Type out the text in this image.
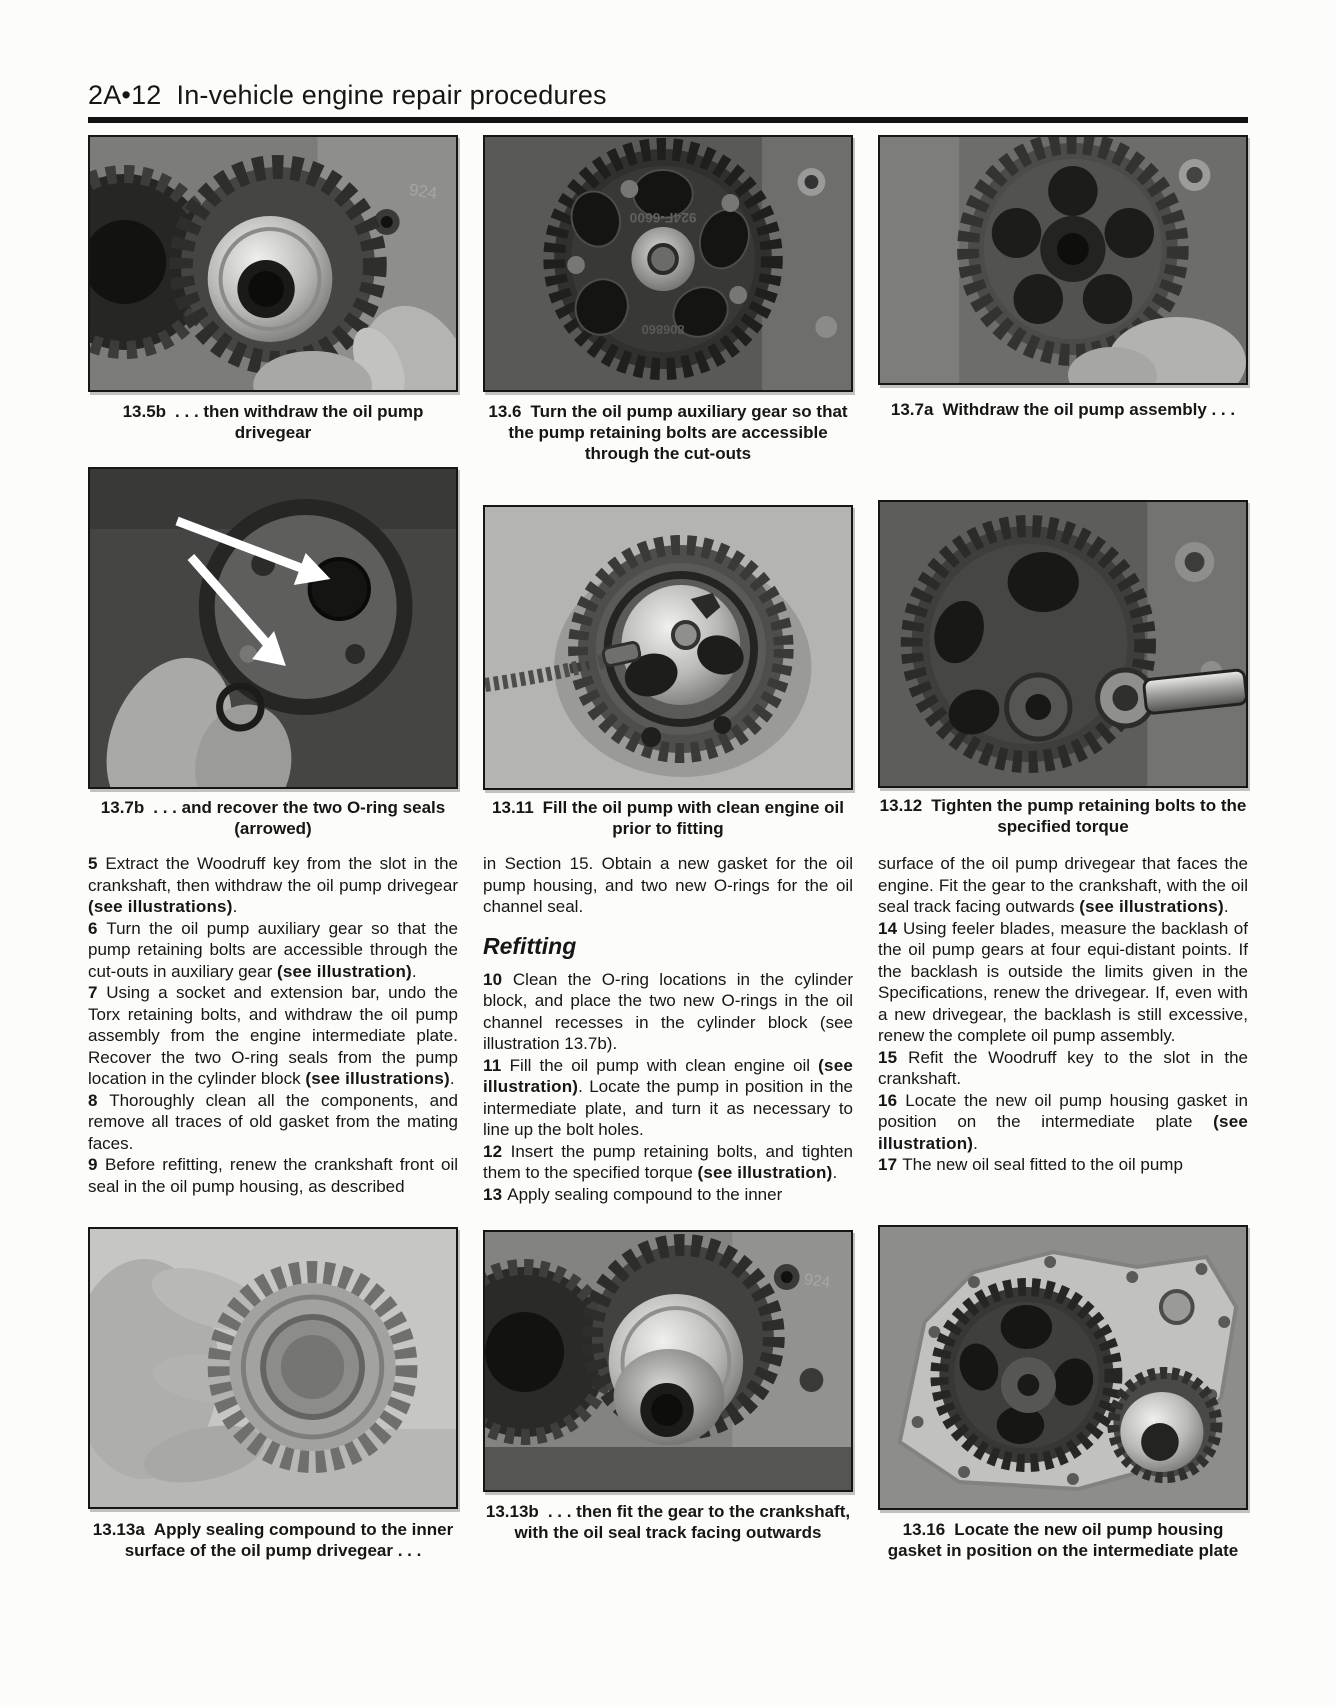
2A•12 In-vehicle engine repair procedures
924
924F-6600
806860
13.5b . . . then withdraw the oil pump drivegear
13.6 Turn the oil pump auxiliary gear so that the pump retaining bolts are accessible through the cut-outs
13.7a Withdraw the oil pump assembly . . .
13.7b . . . and recover the two O-ring seals (arrowed)
13.11 Fill the oil pump with clean engine oil prior to fitting
13.12 Tighten the pump retaining bolts to the specified torque

5 Extract the Woodruff key from the slot in the crankshaft, then withdraw the oil pump drivegear (see illustrations).

6 Turn the oil pump auxiliary gear so that the pump retaining bolts are accessible through the cut-outs in auxiliary gear (see illustration).

7 Using a socket and extension bar, undo the Torx retaining bolts, and withdraw the oil pump assembly from the engine intermediate plate. Recover the two O-ring seals from the pump location in the cylinder block (see illustrations).

8 Thoroughly clean all the components, and remove all traces of old gasket from the mating faces.

9 Before refitting, renew the crankshaft front oil seal in the oil pump housing, as described

in Section 15. Obtain a new gasket for the oil pump housing, and two new O-rings for the oil channel seal.

Refitting

10 Clean the O-ring locations in the cylinder block, and place the two new O-rings in the oil channel recesses in the cylinder block (see illustration 13.7b).

11 Fill the oil pump with clean engine oil (see illustration). Locate the pump in position in the intermediate plate, and turn it as necessary to line up the bolt holes.

12 Insert the pump retaining bolts, and tighten them to the specified torque (see illustration).

13 Apply sealing compound to the inner

surface of the oil pump drivegear that faces the engine. Fit the gear to the crankshaft, with the oil seal track facing outwards (see illustrations).

14 Using feeler blades, measure the backlash of the oil pump gears at four equi-distant points. If the backlash is outside the limits given in the Specifications, renew the drivegear. If, even with a new drivegear, the backlash is still excessive, renew the complete oil pump assembly.

15 Refit the Woodruff key to the slot in the crankshaft.

16 Locate the new oil pump housing gasket in position on the intermediate plate (see illustration).

17 The new oil seal fitted to the oil pump

924
13.13a Apply sealing compound to the inner surface of the oil pump drivegear . . .
13.13b . . . then fit the gear to the crankshaft, with the oil seal track facing outwards	13.16 Locate the new oil pump housing gasket in position on the intermediate plate
